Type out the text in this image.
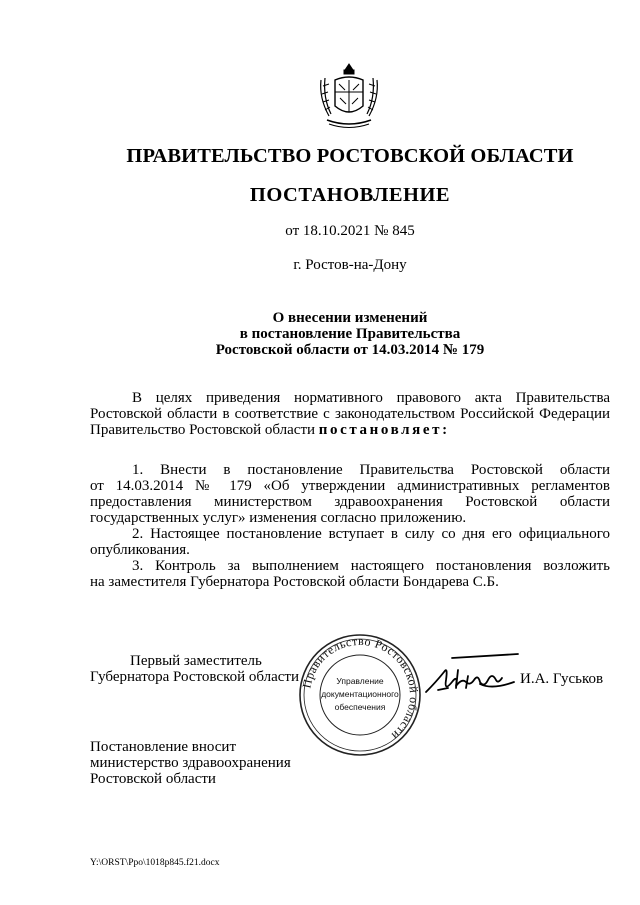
ПРАВИТЕЛЬСТВО РОСТОВСКОЙ ОБЛАСТИ
ПОСТАНОВЛЕНИЕ
от 18.10.2021 № 845
г. Ростов-на-Дону
О внесении изменений
в постановление Правительства
Ростовской области от 14.03.2014 № 179
В целях приведения нормативного правового акта Правительства
Ростовской области в соответствие с законодательством Российской Федерации
Правительство Ростовской области постановляет:
1. Внести в постановление Правительства Ростовской области
от 14.03.2014 № 179 «Об утверждении административных регламентов
предоставления министерством здравоохранения Ростовской области
государственных услуг» изменения согласно приложению.
2. Настоящее постановление вступает в силу со дня его официального
опубликования.
3. Контроль за выполнением настоящего постановления возложить
на заместителя Губернатора Ростовской области Бондарева С.Б.
Первый заместитель
Губернатора Ростовской области Правительство Ростовской области
Управление
документационного
обеспечения
И.А. Гуськов
Постановление вносит
министерство здравоохранения
Ростовской области
Y:\ORST\Ppo\1018p845.f21.docx
